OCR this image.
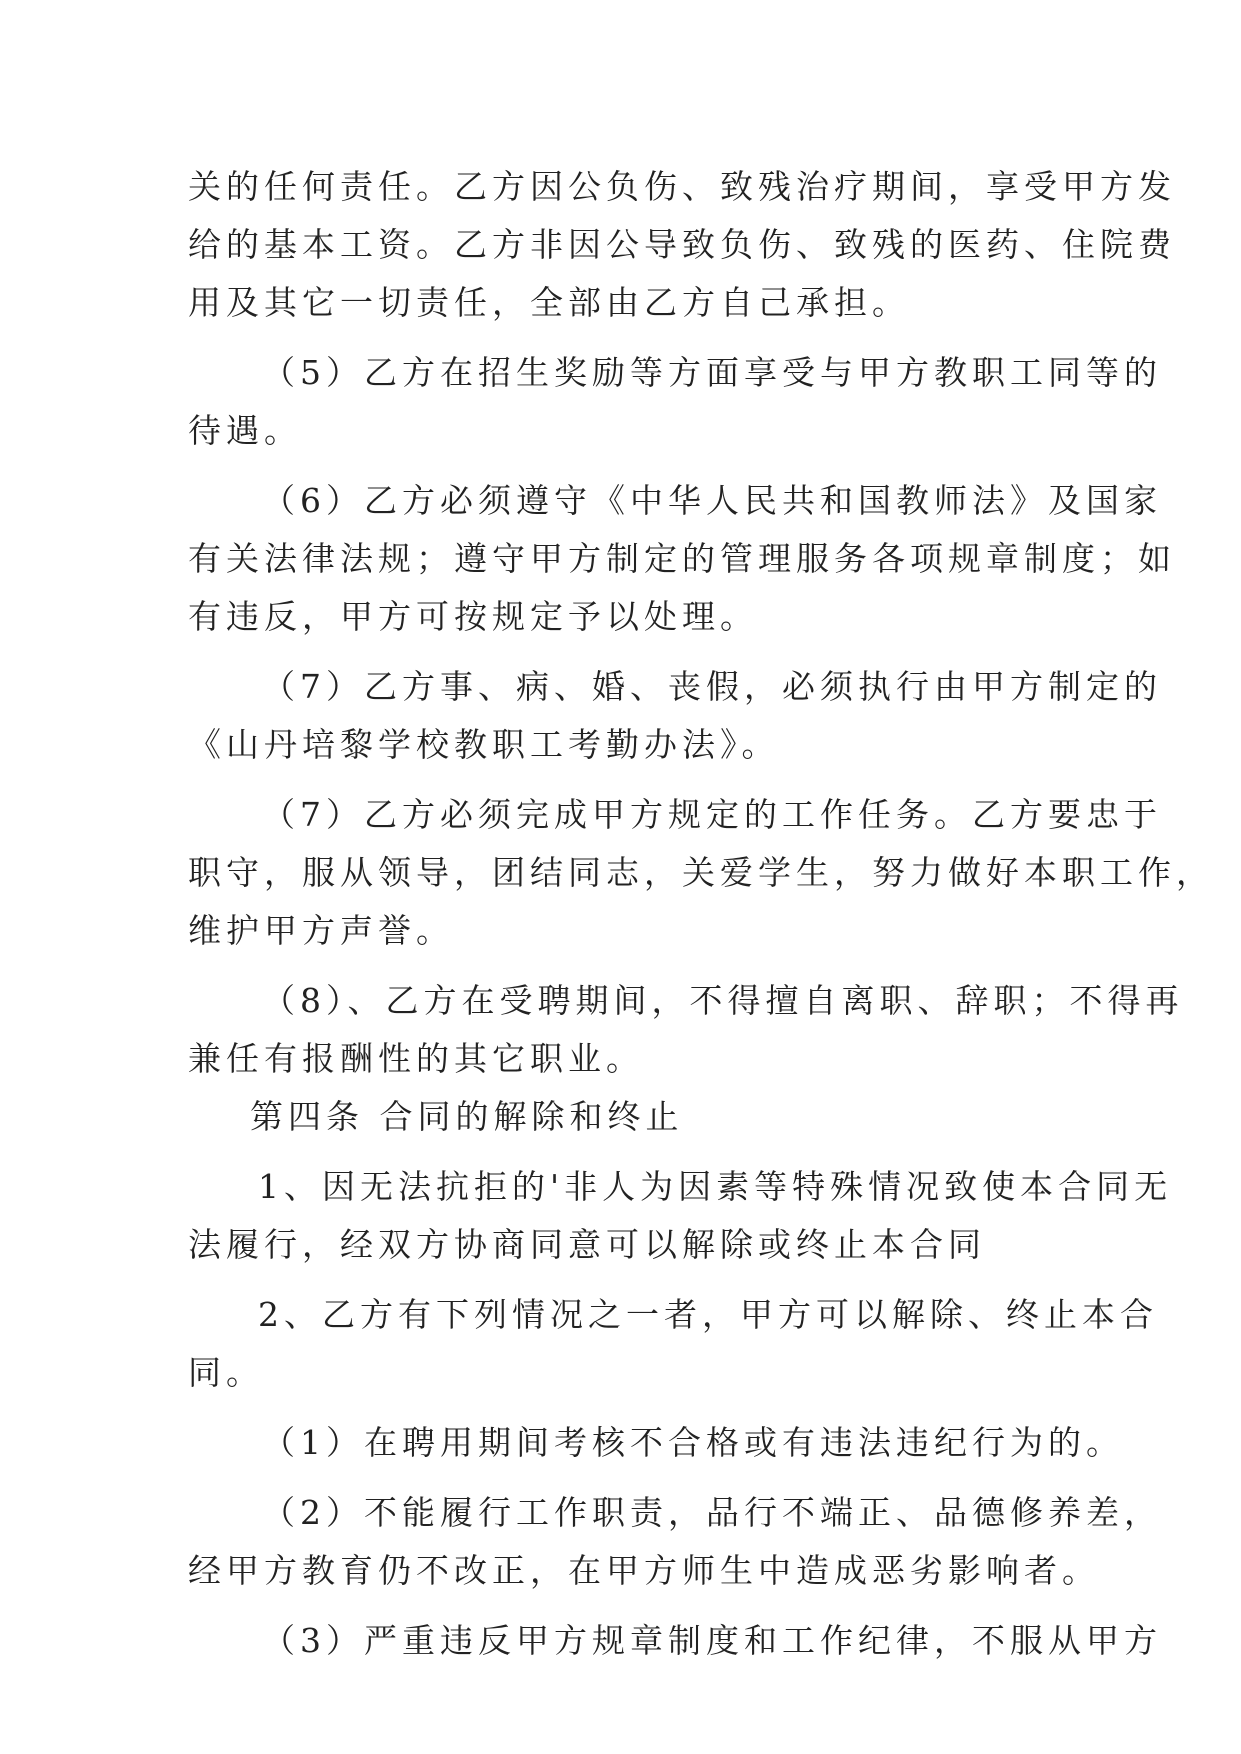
关的任何责任。乙方因公负伤、致残治疗期间，享受甲方发
给的基本工资。乙方非因公导致负伤、致残的医药、住院费
用及其它一切责任，全部由乙方自己承担。
（5）乙方在招生奖励等方面享受与甲方教职工同等的
待遇。
（6）乙方必须遵守《中华人民共和国教师法》及国家
有关法律法规；遵守甲方制定的管理服务各项规章制度；如
有违反，甲方可按规定予以处理。
（7）乙方事、病、婚、丧假，必须执行由甲方制定的
《山丹培黎学校教职工考勤办法》。
（7）乙方必须完成甲方规定的工作任务。乙方要忠于
职守，服从领导，团结同志，关爱学生，努力做好本职工作，
维护甲方声誉。
（8）、乙方在受聘期间，不得擅自离职、辞职；不得再
兼任有报酬性的其它职业。
第四条 合同的解除和终止
1、因无法抗拒的'非人为因素等特殊情况致使本合同无
法履行，经双方协商同意可以解除或终止本合同
2、乙方有下列情况之一者，甲方可以解除、终止本合
同。
（1）在聘用期间考核不合格或有违法违纪行为的。
（2）不能履行工作职责，品行不端正、品德修养差，
经甲方教育仍不改正，在甲方师生中造成恶劣影响者。
（3）严重违反甲方规章制度和工作纪律，不服从甲方
